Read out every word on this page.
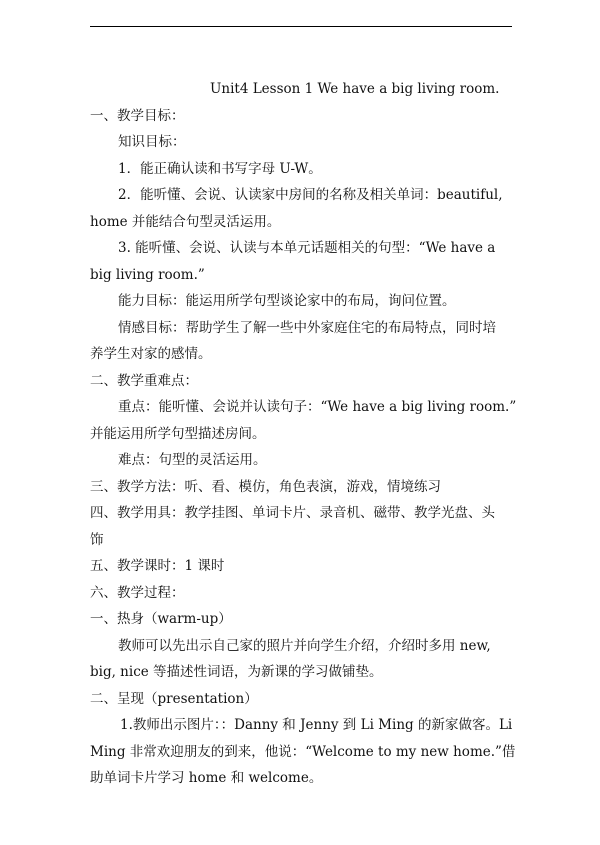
Unit4 Lesson 1 We have a big living room.

一、教学目标：

知识目标：

1．能正确认读和书写字母 U-W。

2．能听懂、会说、认读家中房间的名称及相关单词：beautiful,

home 并能结合句型灵活运用。

3. 能听懂、会说、认读与本单元话题相关的句型：“We have a

big living room.”

能力目标：能运用所学句型谈论家中的布局，询问位置。

情感目标：帮助学生了解一些中外家庭住宅的布局特点，同时培

养学生对家的感情。

二、教学重难点：

重点：能听懂、会说并认读句子：“We have a big living room.”

并能运用所学句型描述房间。

难点：句型的灵活运用。

三、教学方法：听、看、模仿，角色表演，游戏，情境练习

四、教学用具：教学挂图、单词卡片、录音机、磁带、教学光盘、头

饰

五、教学课时：1 课时

六、教学过程：

一、热身（warm-up）

教师可以先出示自己家的照片并向学生介绍，介绍时多用 new,

big, nice 等描述性词语，为新课的学习做铺垫。

二、呈现（presentation）

1.教师出示图片：：Danny 和 Jenny 到 Li Ming 的新家做客。Li

Ming 非常欢迎朋友的到来，他说：“Welcome to my new home.”借

助单词卡片学习 home 和 welcome。
